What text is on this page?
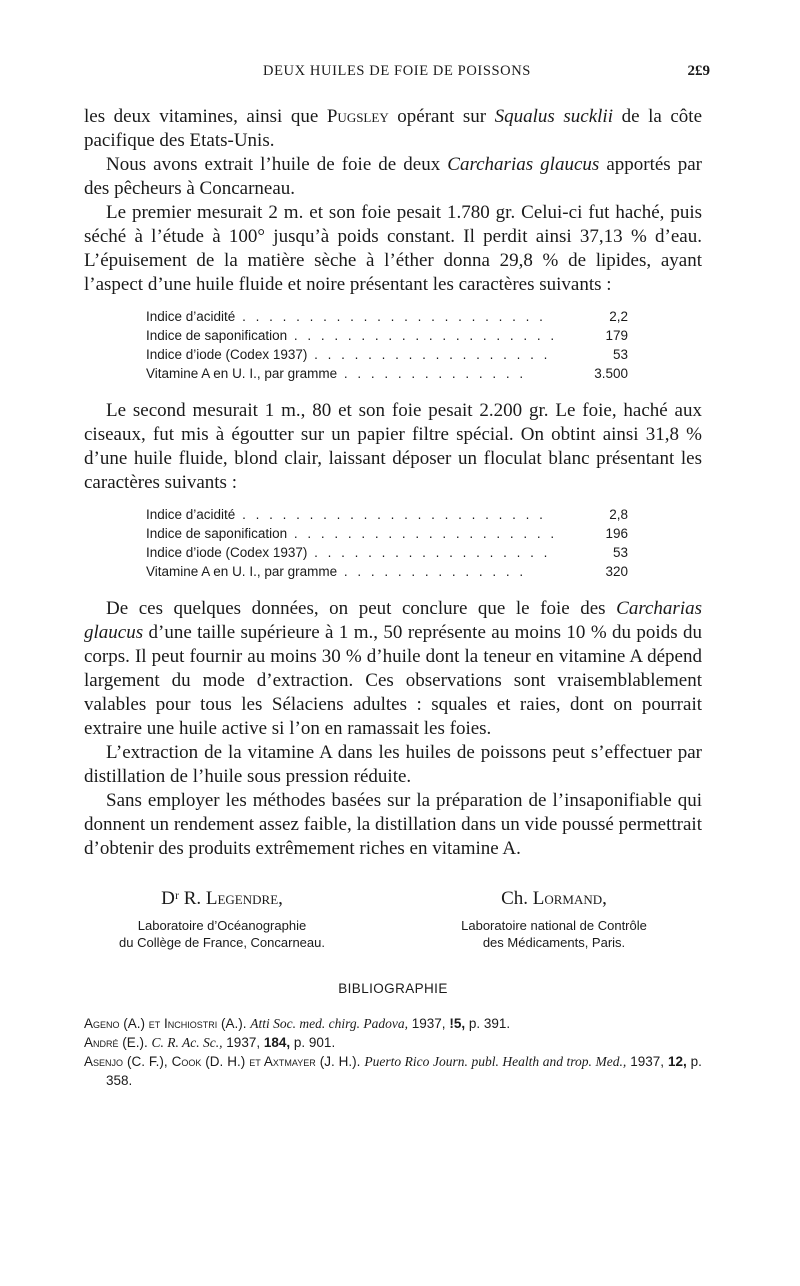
DEUX HUILES DE FOIE DE POISSONS	2£9

les deux vitamines, ainsi que Pugsley opérant sur Squalus sucklii de la côte pacifique des Etats-Unis.

Nous avons extrait l’huile de foie de deux Carcharias glaucus apportés par des pêcheurs à Concarneau.

Le premier mesurait 2 m. et son foie pesait 1.780 gr. Celui-ci fut haché, puis séché à l’étude à 100° jusqu’à poids constant. Il perdit ainsi 37,13 % d’eau. L’épuisement de la matière sèche à l’éther donna 29,8 % de lipides, ayant l’aspect d’une huile fluide et noire présentant les caractères suivants :

Indice d’acidité . . . . . . . . . . . . . . . . . . . . . . .	2,2
Indice de saponification . . . . . . . . . . . . . . . . . . . .	179
Indice d’iode (Codex 1937) . . . . . . . . . . . . . . . . . .	53
Vitamine A en U. I., par gramme . . . . . . . . . . . . . .	3.500

Le second mesurait 1 m., 80 et son foie pesait 2.200 gr. Le foie, haché aux ciseaux, fut mis à égoutter sur un papier filtre spécial. On obtint ainsi 31,8 % d’une huile fluide, blond clair, laissant déposer un floculat blanc présentant les caractères suivants :

Indice d’acidité . . . . . . . . . . . . . . . . . . . . . . .	2,8
Indice de saponification . . . . . . . . . . . . . . . . . . . .	196
Indice d’iode (Codex 1937) . . . . . . . . . . . . . . . . . .	53
Vitamine A en U. I., par gramme . . . . . . . . . . . . . .	320

De ces quelques données, on peut conclure que le foie des Carcharias glaucus d’une taille supérieure à 1 m., 50 représente au moins 10 % du poids du corps. Il peut fournir au moins 30 % d’huile dont la teneur en vitamine A dépend largement du mode d’extraction. Ces observations sont vraisemblablement valables pour tous les Sélaciens adultes : squales et raies, dont on pourrait extraire une huile active si l’on en ramassait les foies.

L’extraction de la vitamine A dans les huiles de poissons peut s’effectuer par distillation de l’huile sous pression réduite.

Sans employer les méthodes basées sur la préparation de l’insaponifiable qui donnent un rendement assez faible, la distillation dans un vide poussé permettrait d’obtenir des produits extrêmement riches en vitamine A.

Dʳ R. Legendre,
Laboratoire d’Océanographie
du Collège de France, Concarneau.
Ch. Lormand,
Laboratoire national de Contrôle
des Médicaments, Paris.
BIBLIOGRAPHIE

Ageno (A.) et Inchiostri (A.). Atti Soc. med. chirg. Padova, 1937, !5, p. 391.

André (E.). C. R. Ac. Sc., 1937, 184, p. 901.

Asenjo (C. F.), Cook (D. H.) et Axtmayer (J. H.). Puerto Rico Journ. publ. Health and trop. Med., 1937, 12, p. 358.
